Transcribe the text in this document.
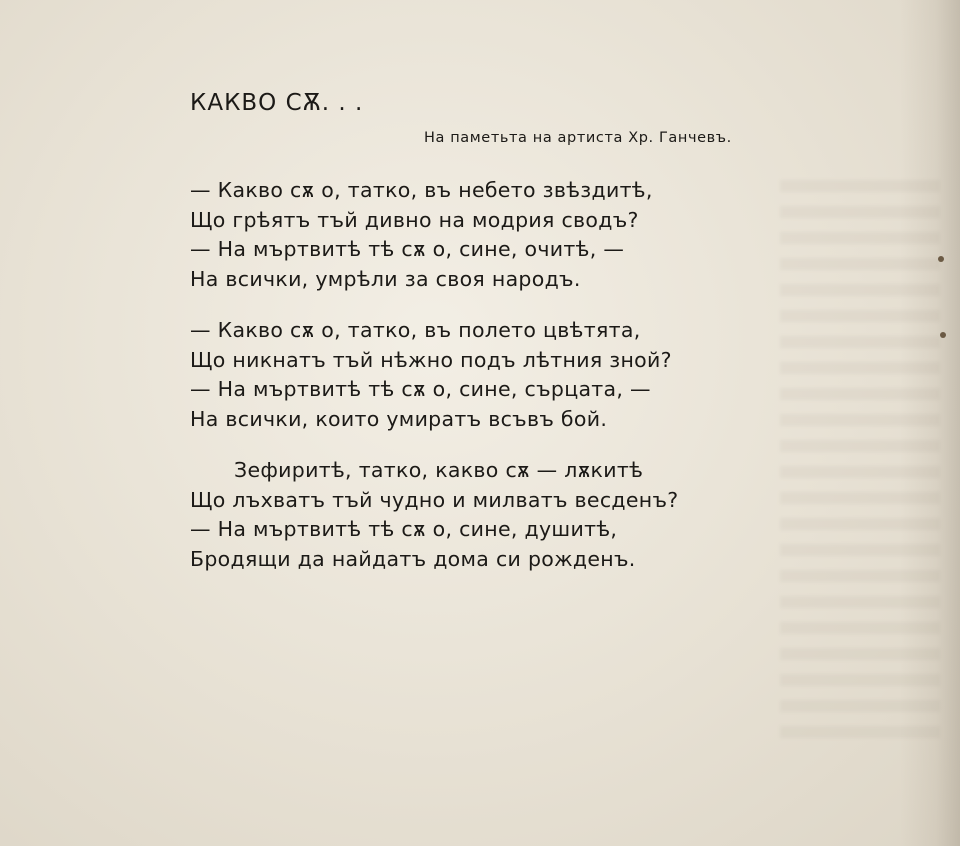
КАКВО СѪ. . .
На паметьта на артиста Хр. Ганчевъ.
— Какво сѫ о, татко, въ небето звѣздитѣ,
Що грѣятъ тъй дивно на модрия сводъ?
— На мъртвитѣ тѣ сѫ о, сине, очитѣ, —
На всички, умрѣли за своя народъ.
— Какво сѫ о, татко, въ полето цвѣтята,
Що никнатъ тъй нѣжно подъ лѣтния зной?
— На мъртвитѣ тѣ сѫ о, сине, сърцата, —
На всички, които умиратъ всъвъ бой.
Зефиритѣ, татко, какво сѫ — лѫкитѣ
Що лъхватъ тъй чудно и милватъ весденъ?
— На мъртвитѣ тѣ сѫ о, сине, душитѣ,
Бродящи да найдатъ дома си рожденъ.
